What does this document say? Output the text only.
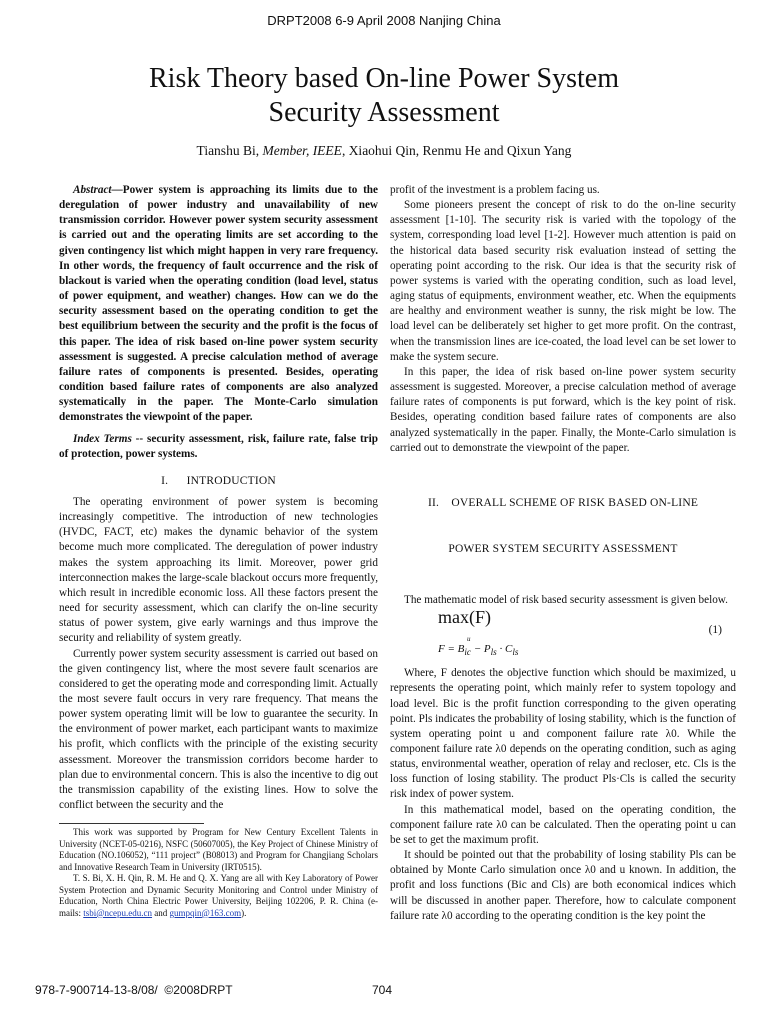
DRPT2008 6-9 April 2008 Nanjing China
Risk Theory based On-line Power System
Security Assessment
Tianshu Bi, Member, IEEE, Xiaohui Qin, Renmu He and Qixun Yang

Abstract—Power system is approaching its limits due to the deregulation of power industry and unavailability of new transmission corridor. However power system security assessment is carried out and the operating limits are set according to the given contingency list which might happen in very rare frequency. In other words, the frequency of fault occurrence and the risk of blackout is varied when the operating condition (load level, status of power equipment, and weather) changes. How can we do the security assessment based on the operating condition to get the best equilibrium between the security and the profit is the focus of this paper. The idea of risk based on-line power system security assessment is suggested. A precise calculation method of average failure rates of components is presented. Besides, operating condition based failure rates of components are also analyzed systematically in the paper. The Monte-Carlo simulation demonstrates the viewpoint of the paper.

Index Terms -- security assessment, risk, failure rate, false trip of protection, power systems.

I.      INTRODUCTION

The operating environment of power system is becoming increasingly competitive. The introduction of new technologies (HVDC, FACT, etc) makes the dynamic behavior of the system become much more complicated. The deregulation of power industry makes the system approaching its limit. Moreover, power grid interconnection makes the large-scale blackout occurs more frequently, which result in incredible economic loss. All these factors present the need for security assessment, which can clarify the on-line security status of power system, give early warnings and thus improve the security and reliability of system greatly.

Currently power system security assessment is carried out based on the given contingency list, where the most severe fault scenarios are considered to get the operating mode and corresponding limit. Actually the most severe fault occurs in very rare frequency. That means the power system operating limit will be low to guarantee the security. In the environment of power market, each participant wants to maximize his profit, which conflicts with the principle of the existing security assessment. Moreover the transmission corridors become harder to plan due to environmental concern. This is also the incentive to dig out the transmission capability of the existing lines. How to solve the conflict between the security and the

This work was supported by Program for New Century Excellent Talents in University (NCET-05-0216), NSFC (50607005), the Key Project of Chinese Ministry of Education (NO.106052), “111 project” (B08013) and Program for Changjiang Scholars and Innovative Research Team in University (IRT0515).

T. S. Bi, X. H. Qin, R. M. He and Q. X. Yang are all with Key Laboratory of Power System Protection and Dynamic Security Monitoring and Control under Ministry of Education, North China Electric Power University, Beijing 102206, P. R. China (e-mails: tsbi@ncepu.edu.cn and gumpqin@163.com).

profit of the investment is a problem facing us.

Some pioneers present the concept of risk to do the on-line security assessment [1-10]. The security risk is varied with the topology of the system, corresponding load level [1-2]. However much attention is paid on the historical data based security risk evaluation instead of setting the operating point according to the risk. Our idea is that the security risk of power systems is varied with the operating condition, such as load level, aging status of equipments, environment weather, etc. When the equipments are healthy and environment weather is sunny, the risk might be low. The load level can be deliberately set higher to get more profit. On the contrast, when the transmission lines are ice-coated, the load level can be set lower to make the system secure.

In this paper, the idea of risk based on-line power system security assessment is suggested. Moreover, a precise calculation method of average failure rates of components is put forward, which is the key point of risk. Besides, operating condition based failure rates of components are also analyzed systematically in the paper. Finally, the Monte-Carlo simulation is carried out to demonstrate the viewpoint of the paper.

II.    OVERALL SCHEME OF RISK BASED ON-LINE

POWER SYSTEM SECURITY ASSESSMENT

The mathematic model of risk based security assessment is given below.

max(F)
u
$F = B_{ic} - P_{ls} \cdot C_{ls}$
(1)

Where, F denotes the objective function which should be maximized, u represents the operating point, which mainly refer to system topology and load level. Bic is the profit function corresponding to the given operating point. Pls indicates the probability of losing stability, which is the function of system operating point u and component failure rate λ0. While the component failure rate λ0 depends on the operating condition, such as aging status, environmental weather, operation of relay and recloser, etc. Cls is the loss function of losing stability. The product Pls·Cls is called the security risk index of power system.

In this mathematical model, based on the operating condition, the component failure rate λ0 can be calculated. Then the operating point u can be set to get the maximum profit.

It should be pointed out that the probability of losing stability Pls can be obtained by Monte Carlo simulation once λ0 and u known. In addition, the profit and loss functions (Bic and Cls) are both economical indices which will be discussed in another paper. Therefore, how to calculate component failure rate λ0 according to the operating condition is the key point the

978-7-900714-13-8/08/  ©2008DRPT	704
